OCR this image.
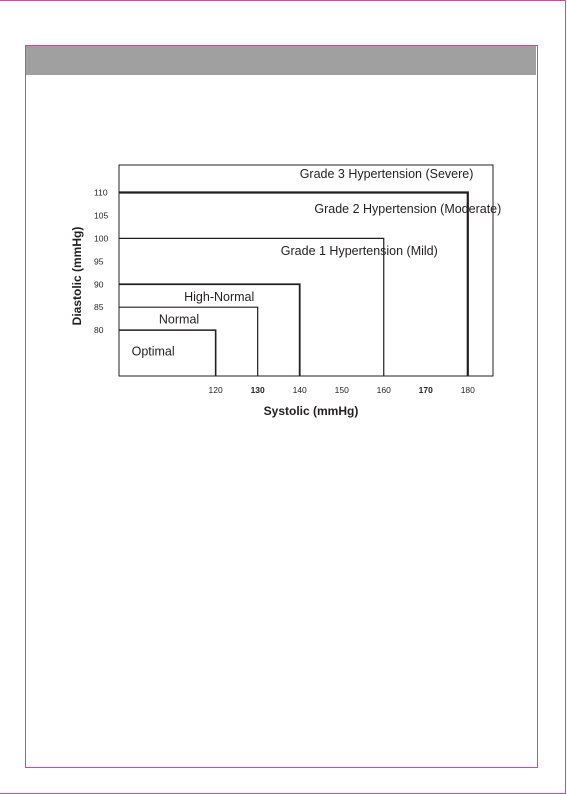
Optimal
Normal
High-Normal
Grade 1 Hypertension (Mild)
Grade 2 Hypertension (Moderate)
Grade 3 Hypertension (Severe)
80
85
90
95
100
105
110
120	130	140	150	160	170	180
Systolic (mmHg)
Diastolic (mmHg)
